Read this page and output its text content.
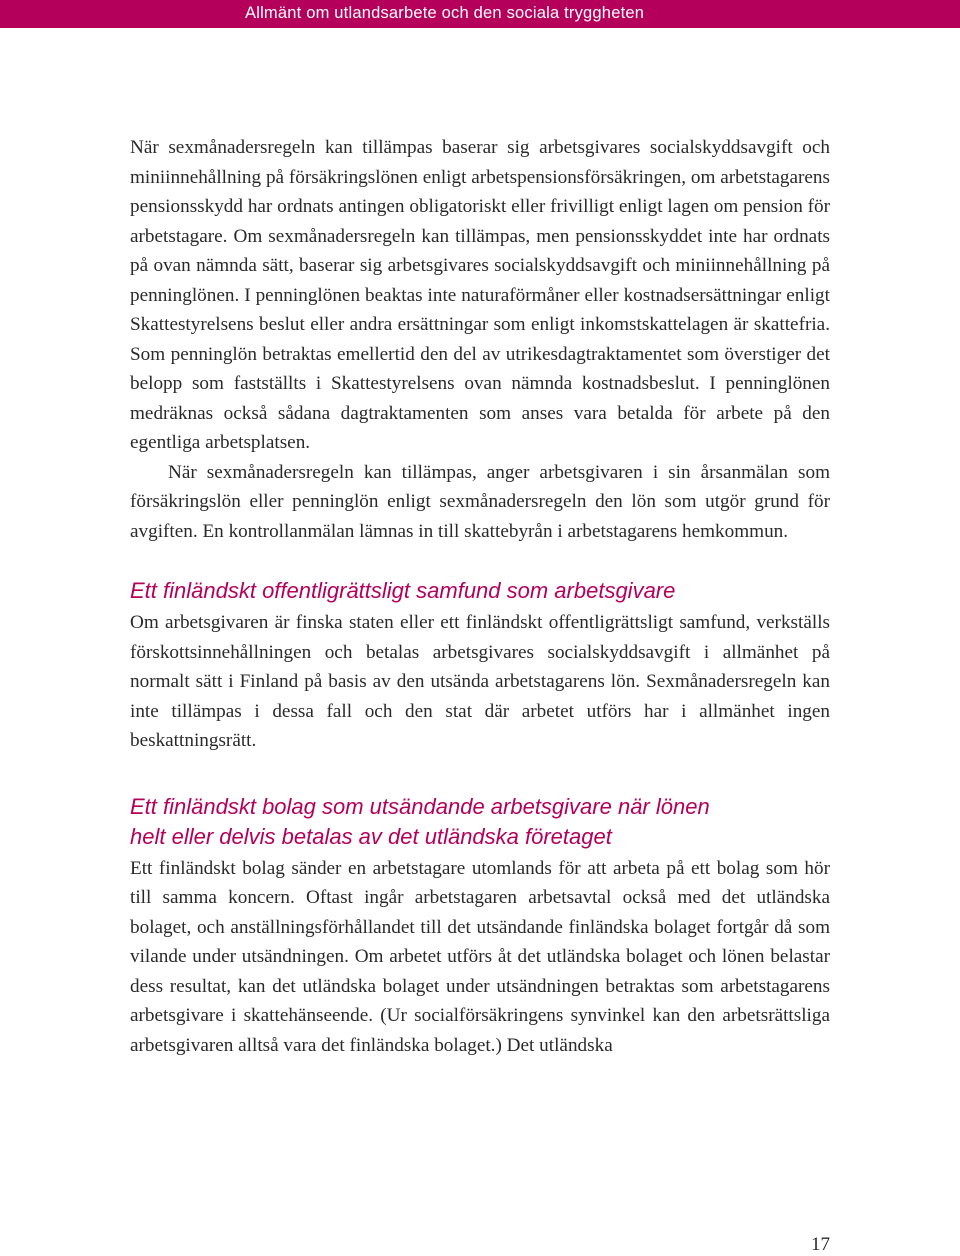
Allmänt om utlandsarbete och den sociala tryggheten

När sexmånadersregeln kan tillämpas baserar sig arbetsgivares socialskyddsavgift och miniinnehållning på försäkringslönen enligt arbetspensionsförsäkringen, om arbetstagarens pensionsskydd har ordnats antingen obligatoriskt eller frivilligt enligt lagen om pension för arbetstagare. Om sexmånadersregeln kan tillämpas, men pensionsskyddet inte har ordnats på ovan nämnda sätt, baserar sig arbetsgivares socialskyddsavgift och miniinnehållning på penninglönen. I penninglönen beaktas inte naturaförmåner eller kostnadsersättningar enligt Skattestyrelsens beslut eller andra ersättningar som enligt inkomstskattelagen är skattefria. Som penninglön betraktas emellertid den del av utrikesdagtraktamentet som överstiger det belopp som fastställts i Skattestyrelsens ovan nämnda kostnadsbeslut. I penninglönen medräknas också sådana dagtraktamenten som anses vara betalda för arbete på den egentliga arbetsplatsen.

När sexmånadersregeln kan tillämpas, anger arbetsgivaren i sin årsanmälan som försäkringslön eller penninglön enligt sexmånadersregeln den lön som utgör grund för avgiften. En kontrollanmälan lämnas in till skattebyrån i arbetstagarens hemkommun.

Ett finländskt offentligrättsligt samfund som arbetsgivare

Om arbetsgivaren är finska staten eller ett finländskt offentligrättsligt samfund, verkställs förskottsinnehållningen och betalas arbetsgivares socialskyddsavgift i allmänhet på normalt sätt i Finland på basis av den utsända arbetstagarens lön. Sexmånadersregeln kan inte tillämpas i dessa fall och den stat där arbetet utförs har i allmänhet ingen beskattningsrätt.

Ett finländskt bolag som utsändande arbetsgivare när lönen
helt eller delvis betalas av det utländska företaget

Ett finländskt bolag sänder en arbetstagare utomlands för att arbeta på ett bolag som hör till samma koncern. Oftast ingår arbetstagaren arbetsavtal också med det utländska bolaget, och anställningsförhållandet till det utsändande finländska bolaget fortgår då som vilande under utsändningen. Om arbetet utförs åt det utländska bolaget och lönen belastar dess resultat, kan det utländska bolaget under utsändningen betraktas som arbetstagarens arbetsgivare i skattehänseende. (Ur socialförsäkringens synvinkel kan den arbetsrättsliga arbetsgivaren alltså vara det finländska bolaget.) Det utländska

17
